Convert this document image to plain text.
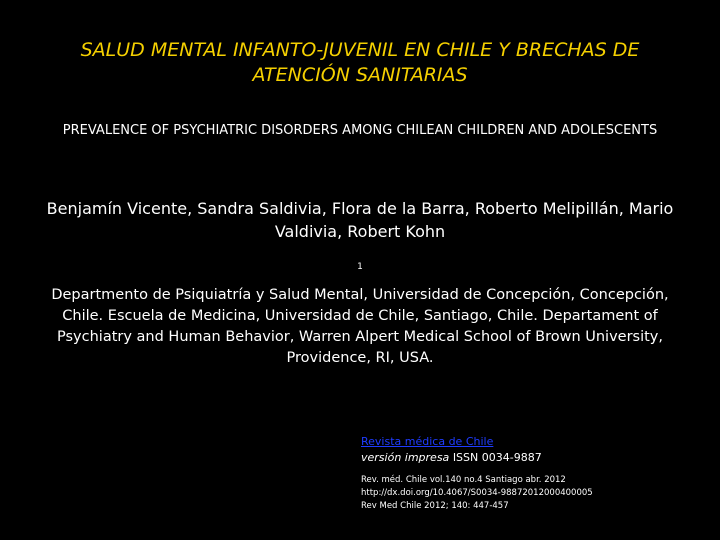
SALUD MENTAL INFANTO-JUVENIL EN CHILE Y BRECHAS DE ATENCIÓN SANITARIAS
PREVALENCE OF PSYCHIATRIC DISORDERS AMONG CHILEAN CHILDREN AND ADOLESCENTS
Benjamín Vicente, Sandra Saldivia, Flora de la Barra, Roberto Melipillán, Mario Valdivia, Robert Kohn
1
Departmento de Psiquiatría y Salud Mental, Universidad de Concepción, Concepción, Chile. Escuela de Medicina, Universidad de Chile, Santiago, Chile. Departament of Psychiatry and Human Behavior, Warren Alpert Medical School of Brown University, Providence, RI, USA.
Revista médica de Chile
versión impresa ISSN 0034-9887
Rev. méd. Chile vol.140 no.4 Santiago abr. 2012
http://dx.doi.org/10.4067/S0034-98872012000400005
Rev Med Chile 2012; 140: 447-457
